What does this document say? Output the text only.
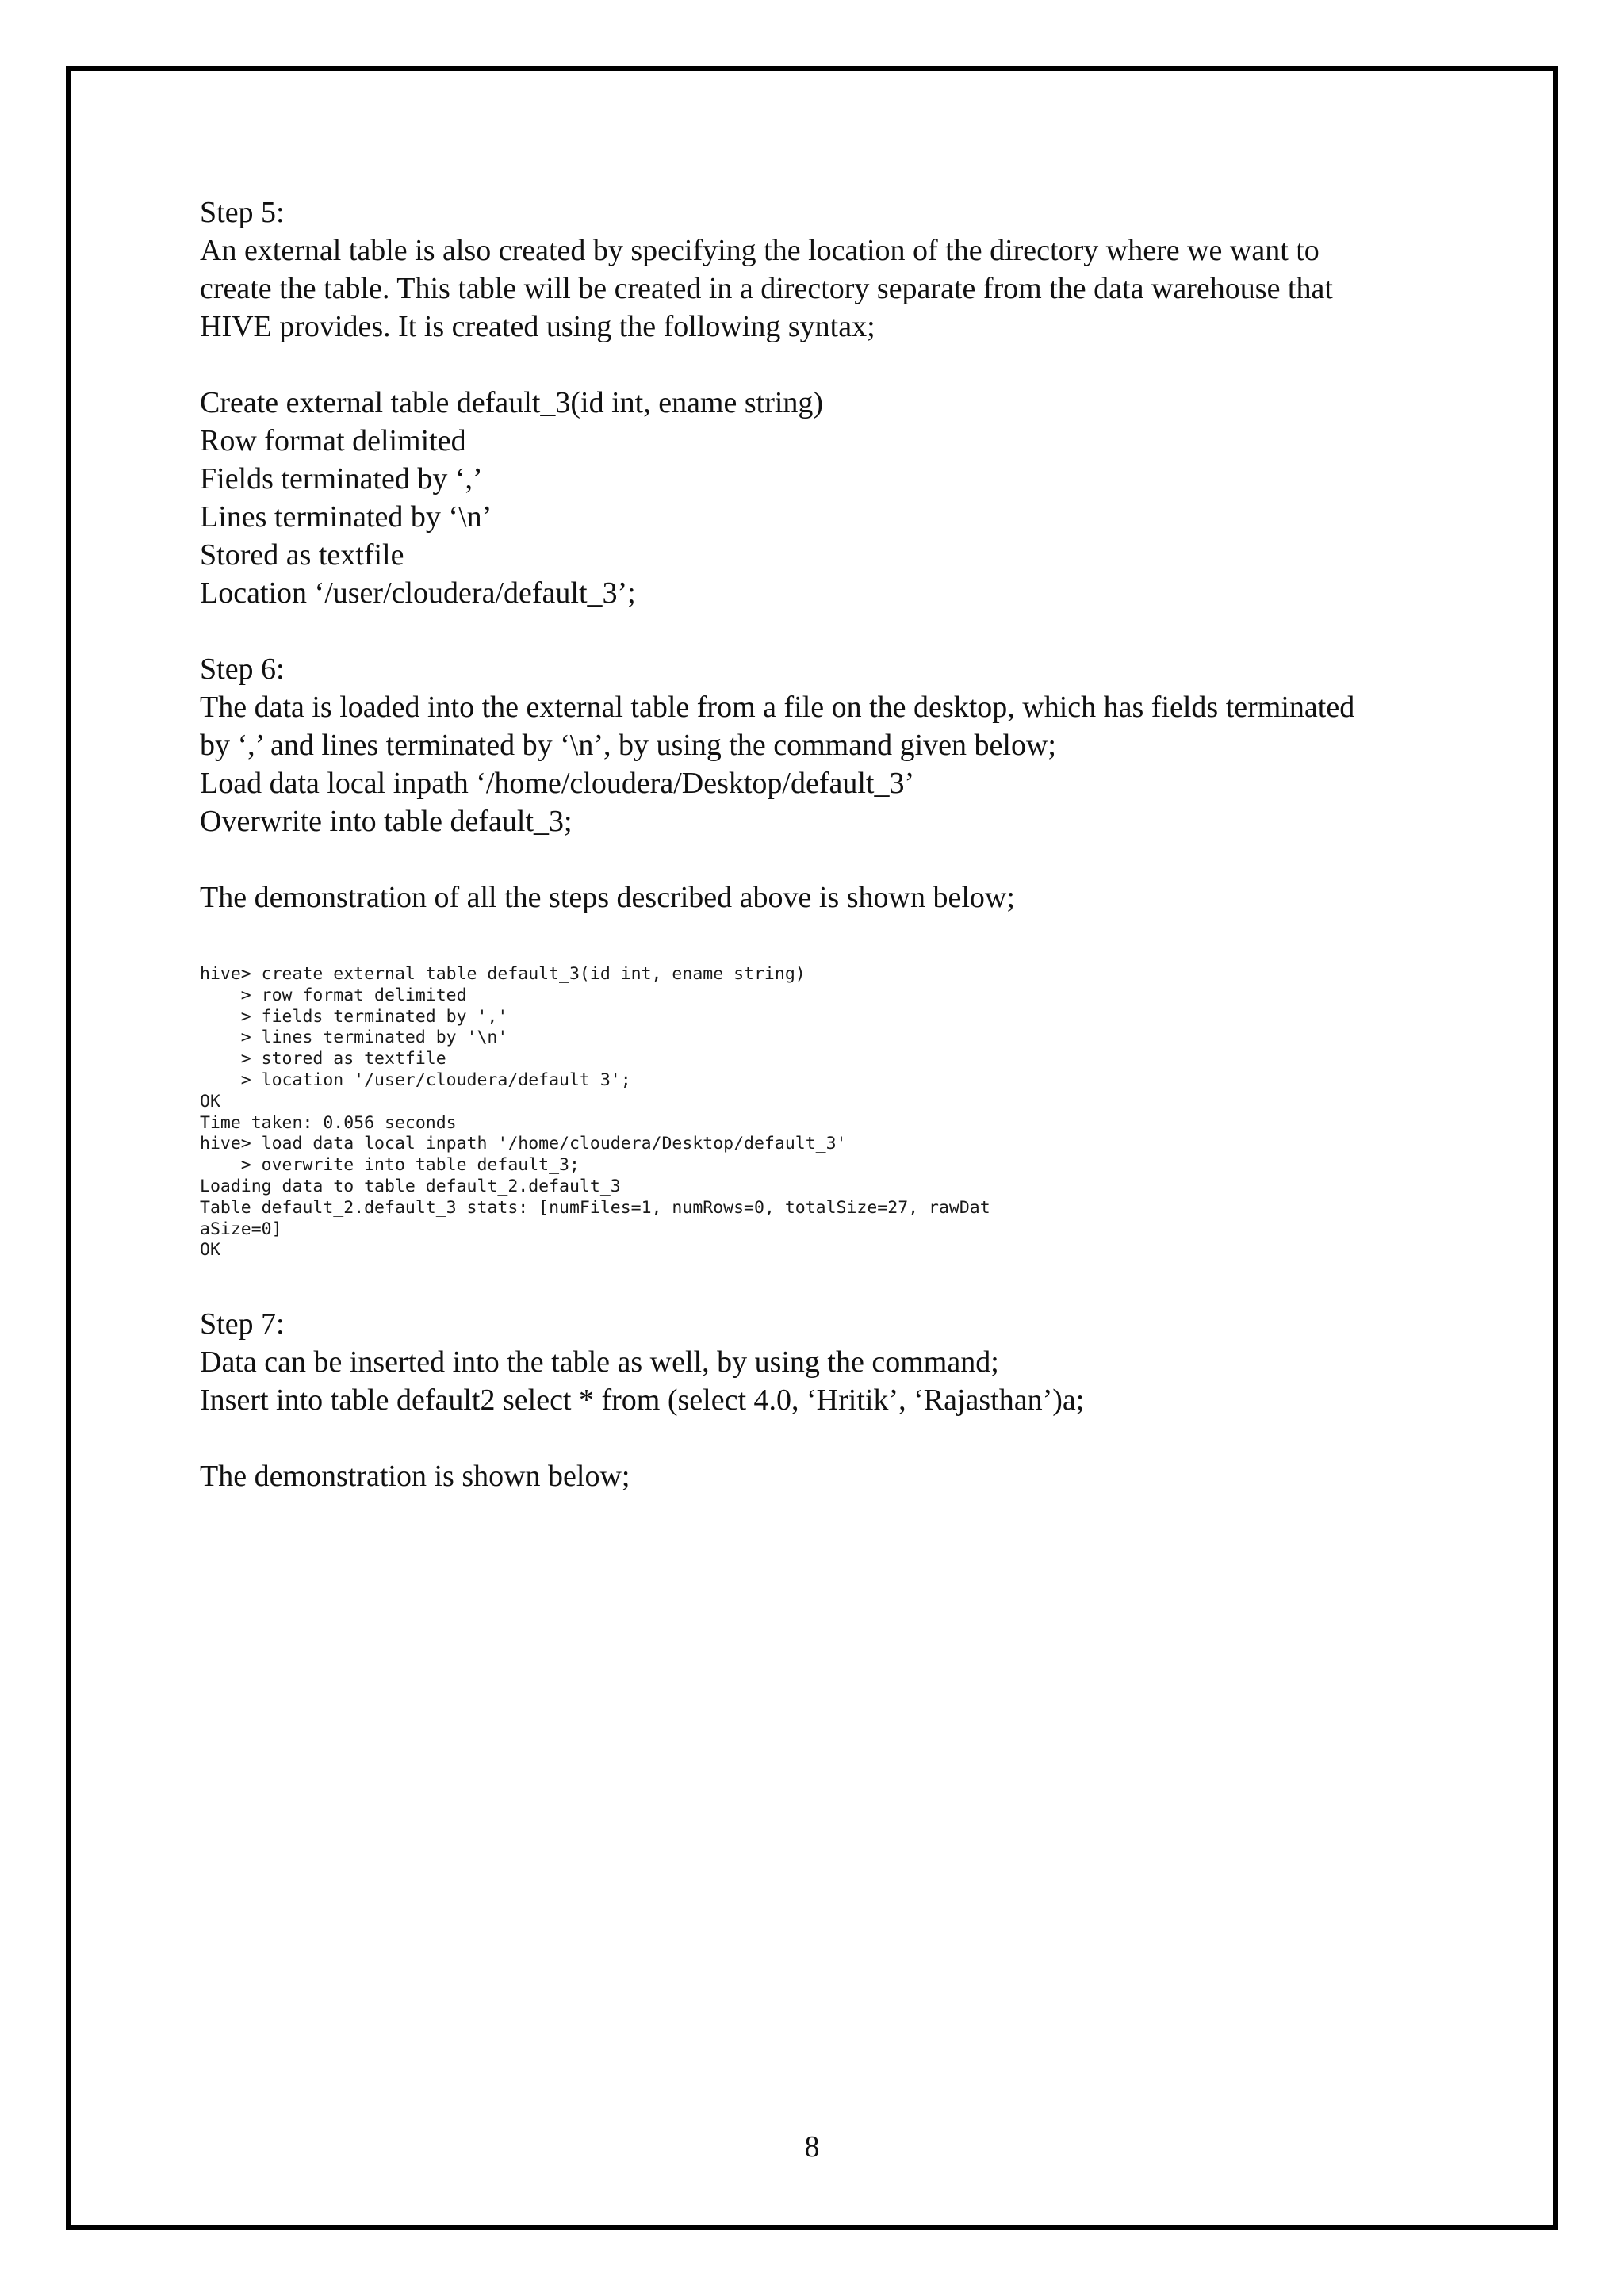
Step 5:

An external table is also created by specifying the location of the directory where we want to

create the table. This table will be created in a directory separate from the data warehouse that

HIVE provides. It is created using the following syntax;

Create external table default_3(id int, ename string)

Row format delimited

Fields terminated by ‘,’

Lines terminated by ‘\n’

Stored as textfile

Location ‘/user/cloudera/default_3’;

Step 6:

The data is loaded into the external table from a file on the desktop, which has fields terminated

by ‘,’ and lines terminated by ‘\n’, by using the command given below;

Load data local inpath ‘/home/cloudera/Desktop/default_3’

Overwrite into table default_3;

The demonstration of all the steps described above is shown below;

hive> create external table default_3(id int, ename string)
> row format delimited
> fields terminated by ','
> lines terminated by '\n'
> stored as textfile
> location '/user/cloudera/default_3';
OK
Time taken: 0.056 seconds
hive> load data local inpath '/home/cloudera/Desktop/default_3'
> overwrite into table default_3;
Loading data to table default_2.default_3
Table default_2.default_3 stats: [numFiles=1, numRows=0, totalSize=27, rawDat
aSize=0]
OK

Step 7:

Data can be inserted into the table as well, by using the command;

Insert into table default2 select * from (select 4.0, ‘Hritik’, ‘Rajasthan’)a;

The demonstration is shown below;

8
